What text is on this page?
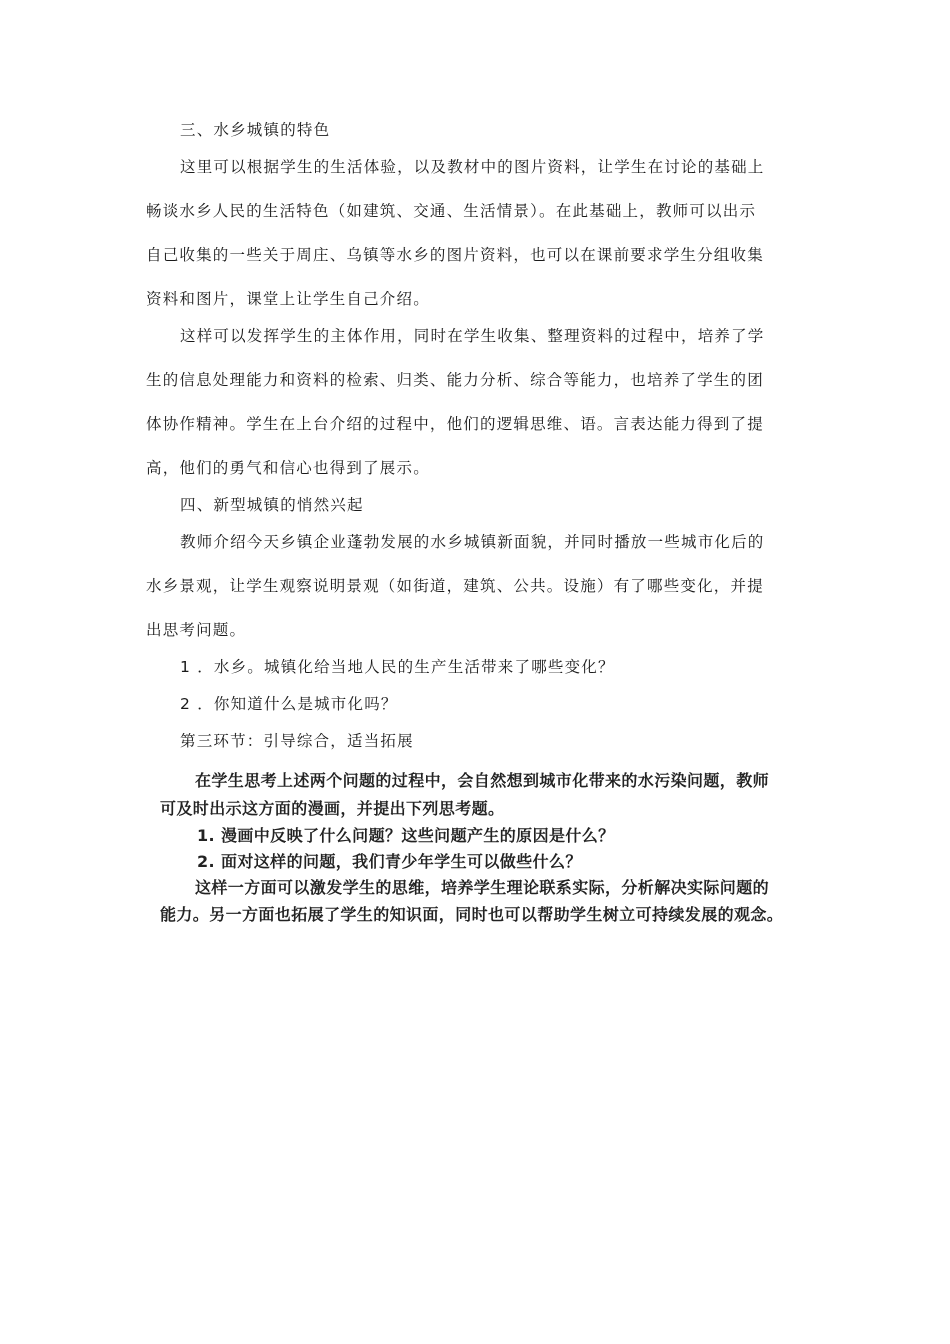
三、水乡城镇的特色
这里可以根据学生的生活体验，以及教材中的图片资料，让学生在讨论的基础上
畅谈水乡人民的生活特色（如建筑、交通、生活情景）。在此基础上，教师可以出示
自己收集的一些关于周庄、乌镇等水乡的图片资料，也可以在课前要求学生分组收集
资料和图片，课堂上让学生自己介绍。
这样可以发挥学生的主体作用，同时在学生收集、整理资料的过程中，培养了学
生的信息处理能力和资料的检索、归类、能力分析、综合等能力，也培养了学生的团
体协作精神。学生在上台介绍的过程中，他们的逻辑思维、语。言表达能力得到了提
高，他们的勇气和信心也得到了展示。
四、新型城镇的悄然兴起
教师介绍今天乡镇企业蓬勃发展的水乡城镇新面貌，并同时播放一些城市化后的
水乡景观，让学生观察说明景观（如街道，建筑、公共。设施）有了哪些变化，并提
出思考问题。
1 ．水乡。城镇化给当地人民的生产生活带来了哪些变化？
2 ．你知道什么是城市化吗？
第三环节：引导综合，适当拓展
在学生思考上述两个问题的过程中，会自然想到城市化带来的水污染问题，教师
可及时出示这方面的漫画，并提出下列思考题。
1. 漫画中反映了什么问题？这些问题产生的原因是什么？
2. 面对这样的问题，我们青少年学生可以做些什么？
这样一方面可以激发学生的思维，培养学生理论联系实际，分析解决实际问题的
能力。另一方面也拓展了学生的知识面，同时也可以帮助学生树立可持续发展的观念。
